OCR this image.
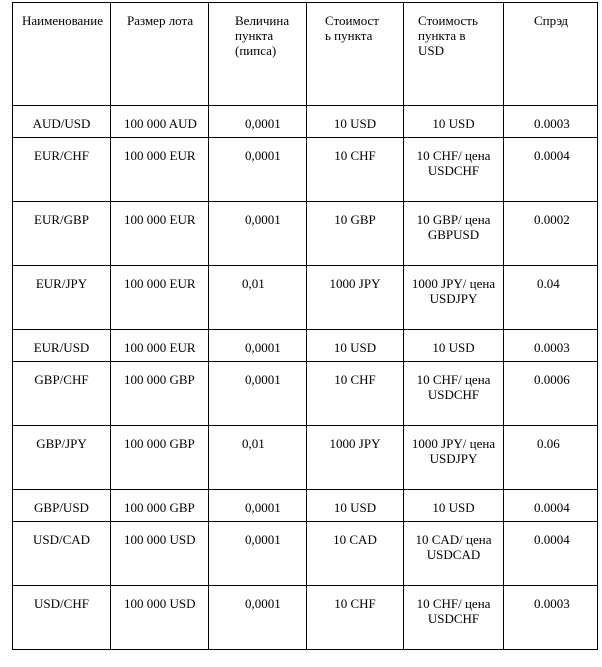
Наименование	Размер лота	Величина пункта (пипса)	Стоимость пункта	Стоимость пункта в USD	Спрэд
AUD/USD	100 000 AUD	0,0001	10 USD	10 USD	0.0003
EUR/CHF	100 000 EUR	0,0001	10 CHF	10 CHF/ цена USDCHF	0.0004
EUR/GBP	100 000 EUR	0,0001	10 GBP	10 GBP/ цена GBPUSD	0.0002
EUR/JPY	100 000 EUR	0,01	1000 JPY	1000 JPY/ цена USDJPY	0.04
EUR/USD	100 000 EUR	0,0001	10 USD	10 USD	0.0003
GBP/CHF	100 000 GBP	0,0001	10 CHF	10 CHF/ цена USDCHF	0.0006
GBP/JPY	100 000 GBP	0,01	1000 JPY	1000 JPY/ цена USDJPY	0.06
GBP/USD	100 000 GBP	0,0001	10 USD	10 USD	0.0004
USD/CAD	100 000 USD	0,0001	10 CAD	10 CAD/ цена USDCAD	0.0004
USD/CHF	100 000 USD	0,0001	10 CHF	10 CHF/ цена USDCHF	0.0003
